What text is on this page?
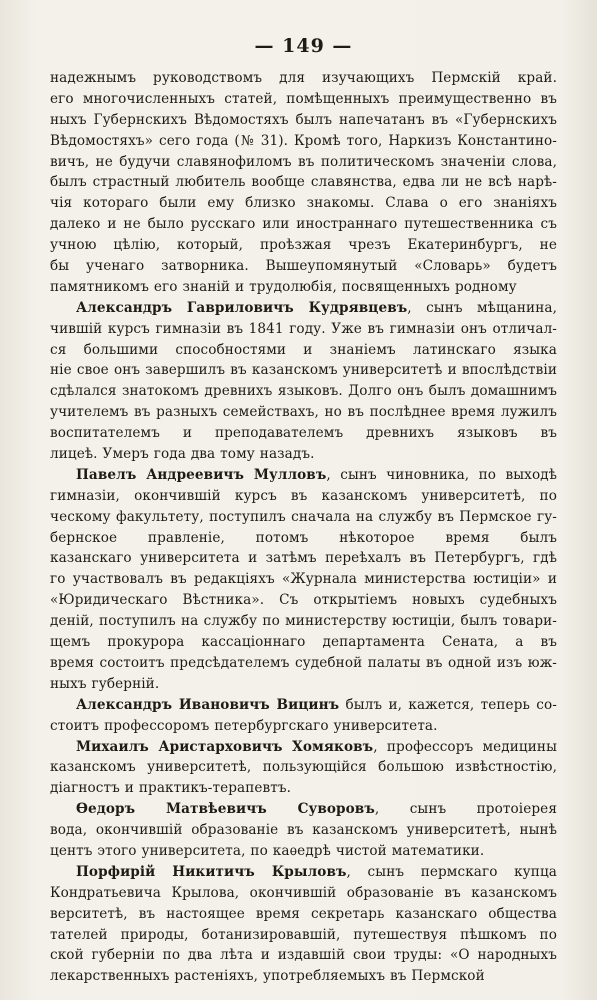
— 149 —
надежнымъ руководствомъ для изучающихъ Пермскій край.
его многочисленныхъ статей, помѣщенныхъ преимущественно въ
ныхъ Губернскихъ Вѣдомостяхъ былъ напечатанъ въ «Губернскихъ
Вѣдомостяхъ» сего года (№ 31). Кромѣ того, Наркизъ Константино-
вичъ, не будучи славянофиломъ въ политическомъ значеніи слова,
былъ страстный любитель вообще славянства, едва ли не всѣ нарѣ-
чія котораго были ему близко знакомы. Слава о его знаніяхъ
далеко и не было русскаго или иностраннаго путешественника съ
учною цѣлію, который, проѣзжая чрезъ Екатеринбургъ, не
бы ученаго затворника. Вышеупомянутый «Словарь» будетъ
памятникомъ его знаній и трудолюбія, посвященныхъ родному
Александръ Гавриловичъ Кудрявцевъ, сынъ мѣщанина,
чившій курсъ гимназіи въ 1841 году. Уже въ гимназіи онъ отличал-
ся большими способностями и знаніемъ латинскаго языка
ніе свое онъ завершилъ въ казанскомъ университетѣ и впослѣдствіи
сдѣлался знатокомъ древнихъ языковъ. Долго онъ былъ домашнимъ
учителемъ въ разныхъ семействахъ, но въ послѣднее время лужилъ
воспитателемъ и преподавателемъ древнихъ языковъ въ
лицеѣ. Умеръ года два тому назадъ.
Павелъ Андреевичъ Мулловъ, сынъ чиновника, по выходѣ
гимназіи, окончившій курсъ въ казанскомъ университетѣ, по
ческому факультету, поступилъ сначала на службу въ Пермское гу-
бернское правленіе, потомъ нѣкоторое время былъ
казанскаго университета и затѣмъ переѣхалъ въ Петербургъ, гдѣ
го участвовалъ въ редакціяхъ «Журнала министерства юстиціи» и
«Юридическаго Вѣстника». Съ открытіемъ новыхъ судебныхъ
деній, поступилъ на службу по министерству юстиціи, былъ товари-
щемъ прокурора кассаціоннаго департамента Сената, а въ
время состоитъ предсѣдателемъ судебной палаты въ одной изъ юж-
ныхъ губерній.
Александръ Ивановичъ Вицинъ былъ и, кажется, теперь со-
стоитъ профессоромъ петербургскаго университета.
Михаилъ Аристарховичъ Хомяковъ, профессоръ медицины
казанскомъ университетѣ, пользующійся большою извѣстностію,
діагностъ и практикъ-терапевтъ.
Ѳедоръ Матвѣевичъ Суворовъ, сынъ протоіерея
вода, окончившій образованіе въ казанскомъ университетѣ, нынѣ
центъ этого университета, по каѳедрѣ чистой математики.
Порфирій Никитичъ Крыловъ, сынъ пермскаго купца
Кондратьевича Крылова, окончившій образованіе въ казанскомъ
верситетѣ, въ настоящее время секретарь казанскаго общества
тателей природы, ботанизировавшій, путешествуя пѣшкомъ по
ской губерніи по два лѣта и издавшій свои труды: «О народныхъ
лекарственныхъ растеніяхъ, употребляемыхъ въ Пермской
